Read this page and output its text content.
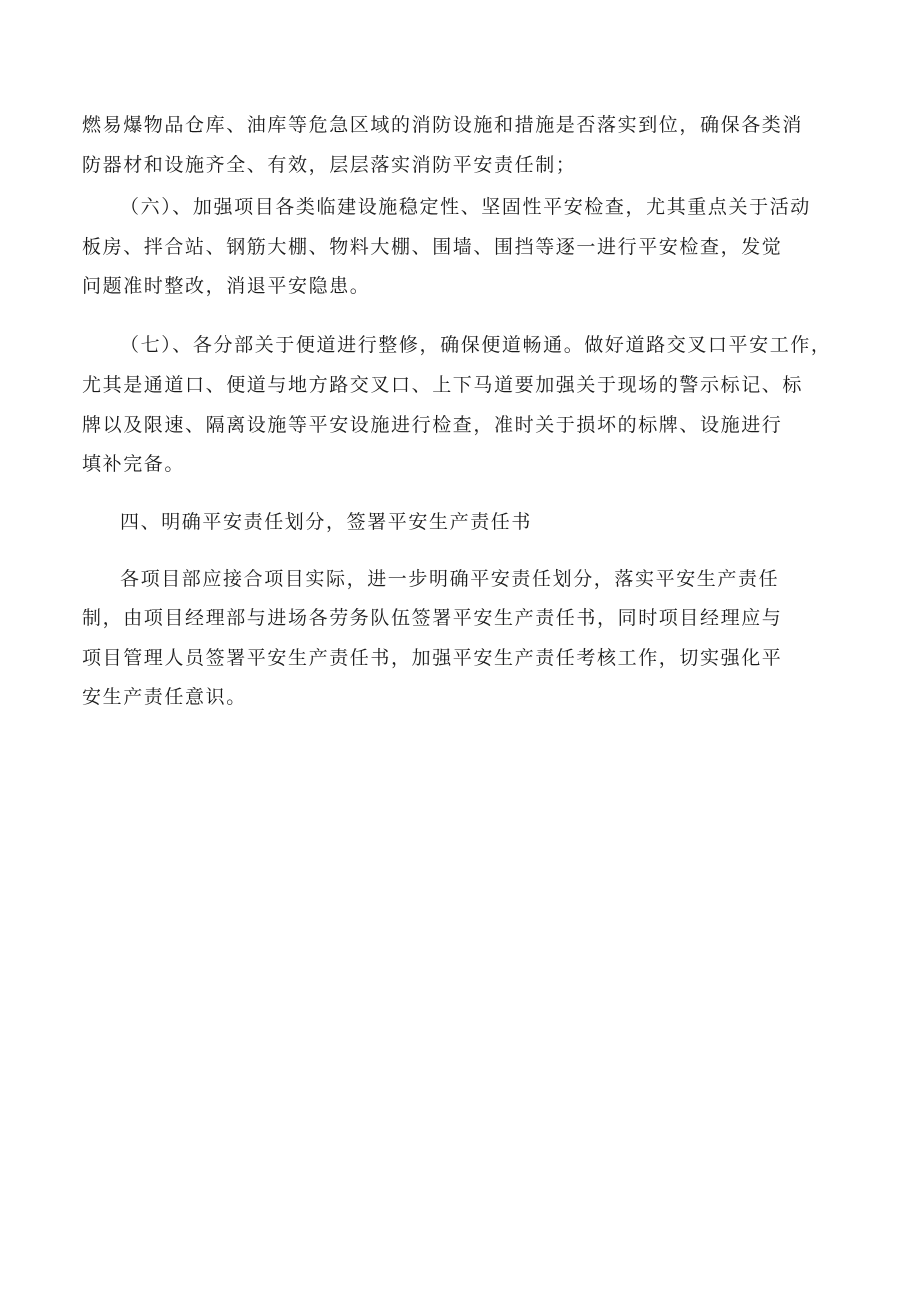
燃易爆物品仓库、油库等危急区域的消防设施和措施是否落实到位，确保各类消
防器材和设施齐全、有效，层层落实消防平安责任制；
（六）、加强项目各类临建设施稳定性、坚固性平安检查，尤其重点关于活动
板房、拌合站、钢筋大棚、物料大棚、围墙、围挡等逐一进行平安检查，发觉
问题准时整改，消退平安隐患。
（七）、各分部关于便道进行整修，确保便道畅通。做好道路交叉口平安工作，
尤其是通道口、便道与地方路交叉口、上下马道要加强关于现场的警示标记、标
牌以及限速、隔离设施等平安设施进行检查，准时关于损坏的标牌、设施进行
填补完备。
四、明确平安责任划分，签署平安生产责任书
各项目部应接合项目实际，进一步明确平安责任划分，落实平安生产责任
制，由项目经理部与进场各劳务队伍签署平安生产责任书，同时项目经理应与
项目管理人员签署平安生产责任书，加强平安生产责任考核工作，切实强化平
安生产责任意识。
